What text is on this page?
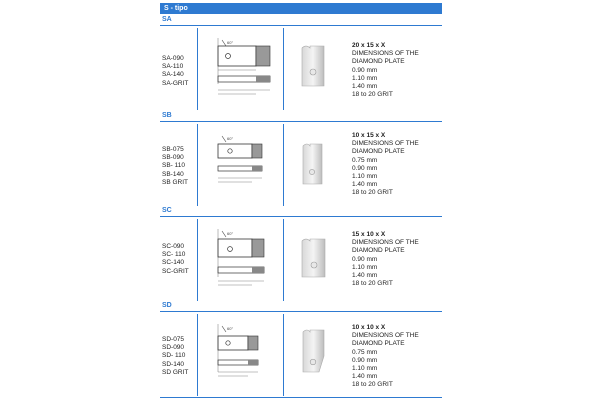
S - tipo
SA
SA-090
SA-110
SA-140
SA-GRIT
60°	20 x 15 x X
DIMENSIONS OF THE
DIAMOND PLATE
0.90 mm
1.10 mm
1.40 mm
18 to 20 GRIT
SB
SB-075
SB-090
SB- 110
SB-140
SB GRIT
60°	10 x 15 x X
DIMENSIONS OF THE
DIAMOND PLATE
0.75 mm
0.90 mm
1.10 mm
1.40 mm
18 to 20 GRIT
SC
SC-090
SC- 110
SC-140
SC-GRIT
60°	15 x 10 x X
DIMENSIONS OF THE
DIAMOND PLATE
0.90 mm
1.10 mm
1.40 mm
18 to 20 GRIT
SD
SD-075
SD-090
SD- 110
SD-140
SD GRIT
60°	10 x 10 x X
DIMENSIONS OF THE
DIAMOND PLATE
0.75 mm
0.90 mm
1.10 mm
1.40 mm
18 to 20 GRIT
